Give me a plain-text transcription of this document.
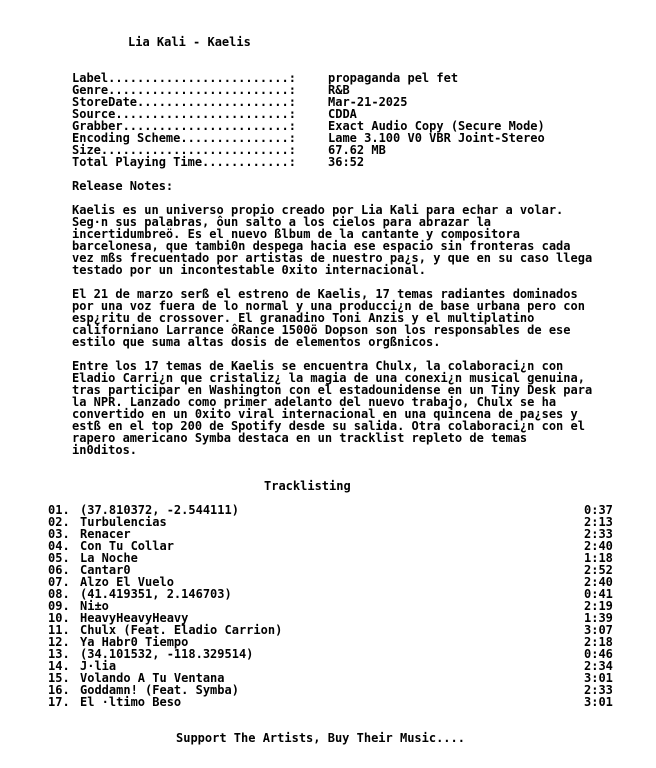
Lia Kali - Kaelis
Label.........................: propaganda pel fet
Genre.........................: R&B
StoreDate.....................: Mar-21-2025
Source........................: CDDA
Grabber.......................: Exact Audio Copy (Secure Mode)
Encoding Scheme...............: Lame 3.100 V0 VBR Joint-Stereo
Size..........................: 67.62 MB
Total Playing Time............: 36:52
Release Notes:
Kaelis es un universo propio creado por Lia Kali para echar a volar.
Seg·n sus palabras, ôun salto a los cielos para abrazar la
incertidumbreö. Es el nuevo ßlbum de la cantante y compositora
barcelonesa, que tambi0n despega hacia ese espacio sin fronteras cada
vez mßs frecuentado por artistas de nuestro pa¿s, y que en su caso llega
testado por un incontestable 0xito internacional.
El 21 de marzo serß el estreno de Kaelis, 17 temas radiantes dominados
por una voz fuera de lo normal y una producci¿n de base urbana pero con
esp¿ritu de crossover. El granadino Toni Anzis y el multiplatino
californiano Larrance ôRance 1500ö Dopson son los responsables de ese
estilo que suma altas dosis de elementos orgßnicos.
Entre los 17 temas de Kaelis se encuentra Chulx, la colaboraci¿n con
Eladio Carri¿n que cristaliz¿ la magia de una conexi¿n musical genuina,
tras participar en Washington con el estadounidense en un Tiny Desk para
la NPR. Lanzado como primer adelanto del nuevo trabajo, Chulx se ha
convertido en un 0xito viral internacional en una quincena de pa¿ses y
estß en el top 200 de Spotify desde su salida. Otra colaboraci¿n con el
rapero americano Symba destaca en un tracklist repleto de temas
in0ditos.
Tracklisting
01. (37.810372, -2.544111)	0:37
02. Turbulencias	2:13
03. Renacer	2:33
04. Con Tu Collar	2:40
05. La Noche	1:18
06. Cantar0	2:52
07. Alzo El Vuelo	2:40
08. (41.419351, 2.146703)	0:41
09. Ni±o	2:19
10. HeavyHeavyHeavy	1:39
11. Chulx (Feat. Eladio Carrion)	3:07
12. Ya Habr0 Tiempo	2:18
13. (34.101532, -118.329514)	0:46
14. J·lia	2:34
15. Volando A Tu Ventana	3:01
16. Goddamn! (Feat. Symba)	2:33
17. El ·ltimo Beso	3:01
Support The Artists, Buy Their Music....
